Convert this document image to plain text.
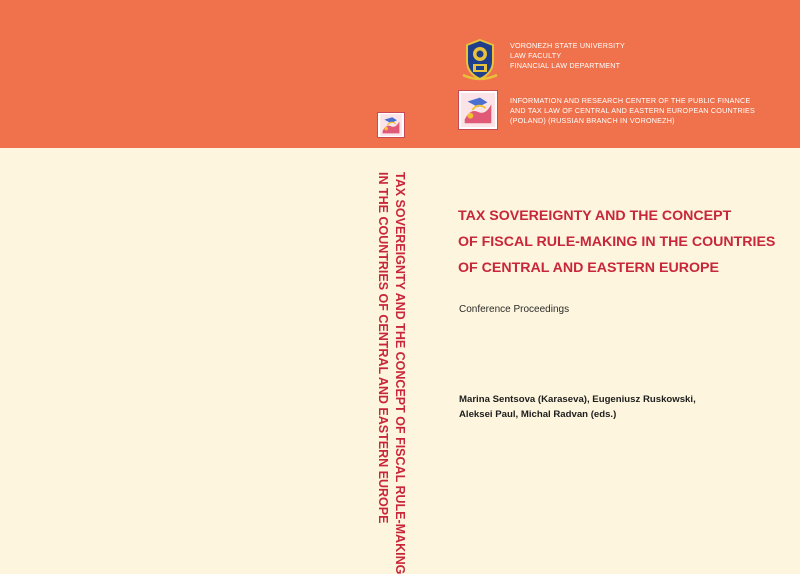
VORONEZH STATE UNIVERSITY
LAW FACULTY
FINANCIAL LAW DEPARTMENT
INFORMATION AND RESEARCH CENTER OF THE PUBLIC FINANCE
AND TAX LAW OF CENTRAL AND EASTERN EUROPEAN COUNTRIES
(POLAND) (RUSSIAN BRANCH IN VORONEZH)
TAX SOVEREIGNTY AND THE CONCEPT OF FISCAL RULE-MAKING
IN THE COUNTRIES OF CENTRAL AND EASTERN EUROPE	TAX SOVEREIGNTY AND THE CONCEPT
OF FISCAL RULE-MAKING IN THE COUNTRIES
OF CENTRAL AND EASTERN EUROPE
Conference Proceedings
Marina Sentsova (Karaseva), Eugeniusz Ruskowski,
Aleksei Paul, Michal Radvan (eds.)
